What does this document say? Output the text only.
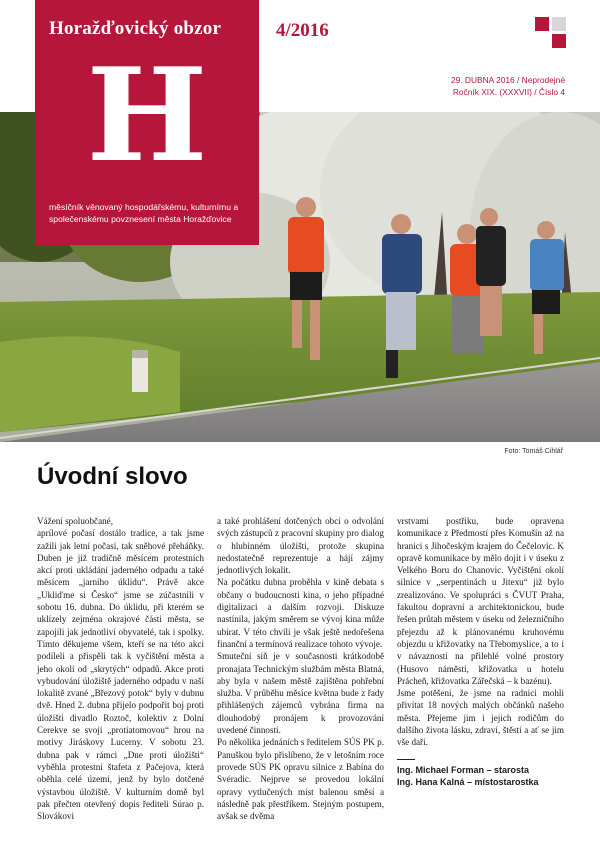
Horažďovický obzor
H
měsíčník věnovaný hospodářskému, kulturnímu a společenskému povznesení města Horažďovice
4/2016
29. DUBNA 2016 / Neprodejné
Ročník XIX. (XXXVII) / Číslo 4
Foto: Tomáš Cihlář
Úvodní slovo

Vážení spoluobčané,

aprílové počasí dostálo tradice, a tak jsme zažili jak letní počasí, tak sněhové přeháňky. Duben je již tradičně měsícem protestních akcí proti ukládání jaderného odpadu a také měsícem „jarního úklidu“. Právě akce „Ukliďme si Česko“ jsme se zúčastnili v sobotu 16. dubna. Do úklidu, při kterém se uklízely zejména okrajové části města, se zapojili jak jednotliví obyvatelé, tak i spolky. Tímto děkujeme všem, kteří se na této akci podíleli a přispěli tak k vyčištění města a jeho okolí od „skrytých“ odpadů. Akce proti vybudování úložiště jaderného odpadu v naší lokalitě zvané „Březový potok“ byly v dubnu dvě. Hned 2. dubna přijelo podpořit boj proti úložišti divadlo Roztoč, kolektiv z Dolní Cerekve se svojí „protiatomovou“ hrou na motivy Jiráskovy Lucerny. V sobotu 23. dubna pak v rámci „Dne proti úložišti“ vyběhla protestní štafeta z Pačejova, která oběhla celé území, jenž by bylo dotčené výstavbou úložiště. V kulturním domě byl pak přečten otevřený dopis řediteli Súrao p. Slovákovi

a také prohlášení dotčených obcí o odvolání svých zástupců z pracovní skupiny pro dialog o hlubinném úložišti, protože skupina nedostatečně reprezentuje a hájí zájmy jednotlivých lokalit.

Na počátku dubna proběhla v kině debata s občany o budoucnosti kina, o jeho případné digitalizaci a dalším rozvoji. Diskuze nastínila, jakým směrem se vývoj kina může ubírat. V této chvíli je však ještě nedořešena finanční a termínová realizace tohoto vývoje.

Smuteční síň je v současnosti krátkodobě pronajata Technickým službám města Blatná, aby byla v našem městě zajištěna pohřební služba. V průběhu měsíce května bude z řady přihlášených zájemců vybrána firma na dlouhodobý pronájem k provozování uvedené činnosti.

Po několika jednáních s ředitelem SÚS PK p. Panuškou bylo přislíbeno, že v letošním roce provede SÚS PK opravu silnice z Babína do Svéradic. Nejprve se provedou lokální opravy vytlučených míst balenou směsí a následně pak přestříkem. Stejným postupem, avšak se dvěma

vrstvami postřiku, bude opravena komunikace z Předmostí přes Komušín až na hranici s Jihočeským krajem do Čečelovic. K opravě komunikace by mělo dojít i v úseku z Velkého Boru do Chanovic. Vyčištění okolí silnice v „serpentinách u Jitexu“ již bylo zrealizováno. Ve spolupráci s ČVUT Praha, fakultou dopravní a architektonickou, bude řešen průtah městem v úseku od železničního přejezdu až k plánovanému kruhovému objezdu u křižovatky na Třebomyslice, a to i v návaznosti na přilehlé volné prostory (Husovo náměstí, křižovatka u hotelu Prácheň, křižovatka Zářečská – k bazénu).

Jsme potěšeni, že jsme na radnici mohli přivítat 18 nových malých občánků našeho města. Přejeme jim i jejich rodičům do dalšího života lásku, zdraví, štěstí a ať se jim vše daří.

Ing. Michael Forman – starosta
Ing. Hana Kalná – místostarostka
